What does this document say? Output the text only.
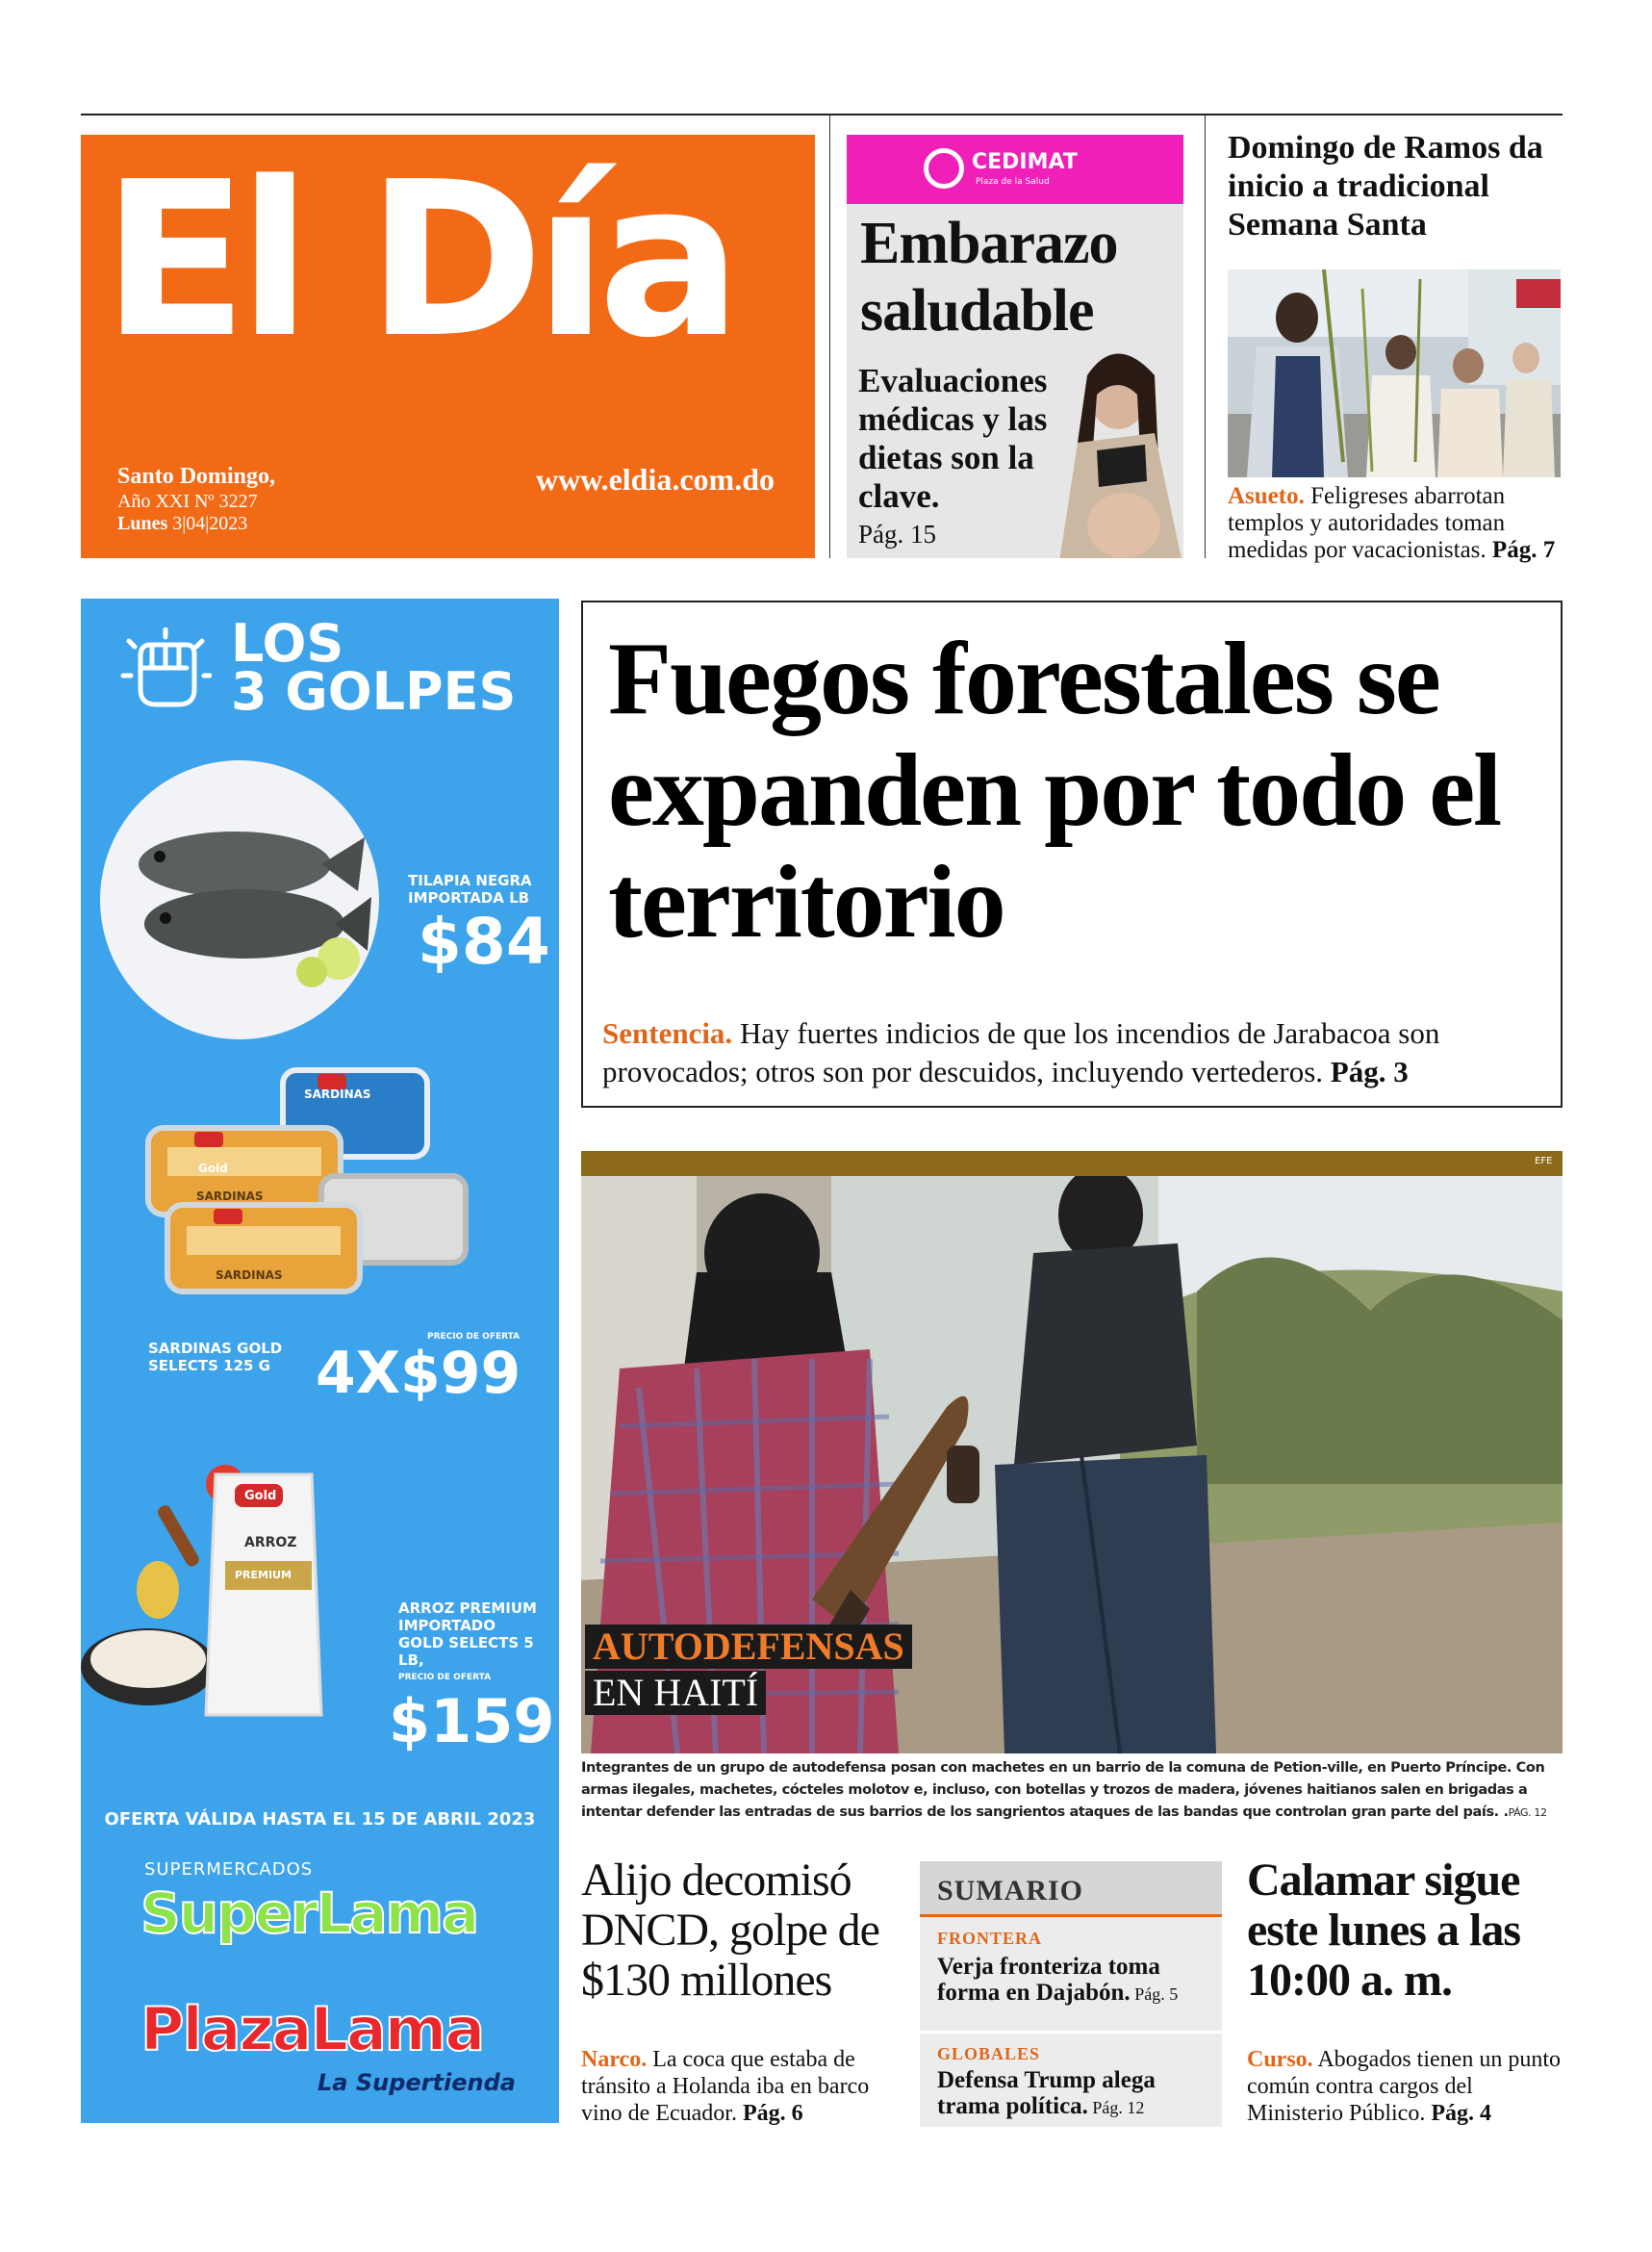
El Día
Santo Domingo,
Año XXI Nº 3227
Lunes 3|04|2023
www.eldia.com.do
CEDIMAT
Plaza de la Salud
Embarazo saludable
Evaluaciones médicas y las dietas son la clave.
Pág. 15
Domingo de Ramos da inicio a tradicional Semana Santa
Asueto. Feligreses abarrotan templos y autoridades toman medidas por vacacionistas. Pág. 7
LOS
3 GOLPES
TILAPIA NEGRA IMPORTADA LB
$84
Gold
SARDINAS
SARDINAS
SARDINAS
SARDINAS GOLD SELECTS 125 G
PRECIO DE OFERTA
4X$99
Gold
ARROZ
PREMIUM
ARROZ PREMIUM IMPORTADO GOLD SELECTS 5 LB,
PRECIO DE OFERTA
$159
OFERTA VÁLIDA HASTA EL 15 DE ABRIL 2023
SUPERMERCADOS
SuperLama
PlazaLama
La Supertienda
Fuegos forestales se expanden por todo el territorio
Sentencia. Hay fuertes indicios de que los incendios de Jarabacoa son provocados; otros son por descuidos, incluyendo vertederos. Pág. 3
EFE
AUTODEFENSAS
EN HAITÍ
Integrantes de un grupo de autodefensa posan con machetes en un barrio de la comuna de Petion-ville, en Puerto Príncipe. Con armas ilegales, machetes, cócteles molotov e, incluso, con botellas y trozos de madera, jóvenes haitianos salen en brigadas a intentar defender las entradas de sus barrios de los sangrientos ataques de las bandas que controlan gran parte del país. .PÁG. 12
Alijo decomisó DNCD, golpe de $130 millones
Narco. La coca que estaba de tránsito a Holanda iba en barco vino de Ecuador. Pág. 6
SUMARIO
FRONTERA
Verja fronteriza toma forma en Dajabón. Pág. 5
GLOBALES
Defensa Trump alega trama política. Pág. 12
Calamar sigue este lunes a las 10:00 a. m.
Curso. Abogados tienen un punto común contra cargos del Ministerio Público. Pág. 4
